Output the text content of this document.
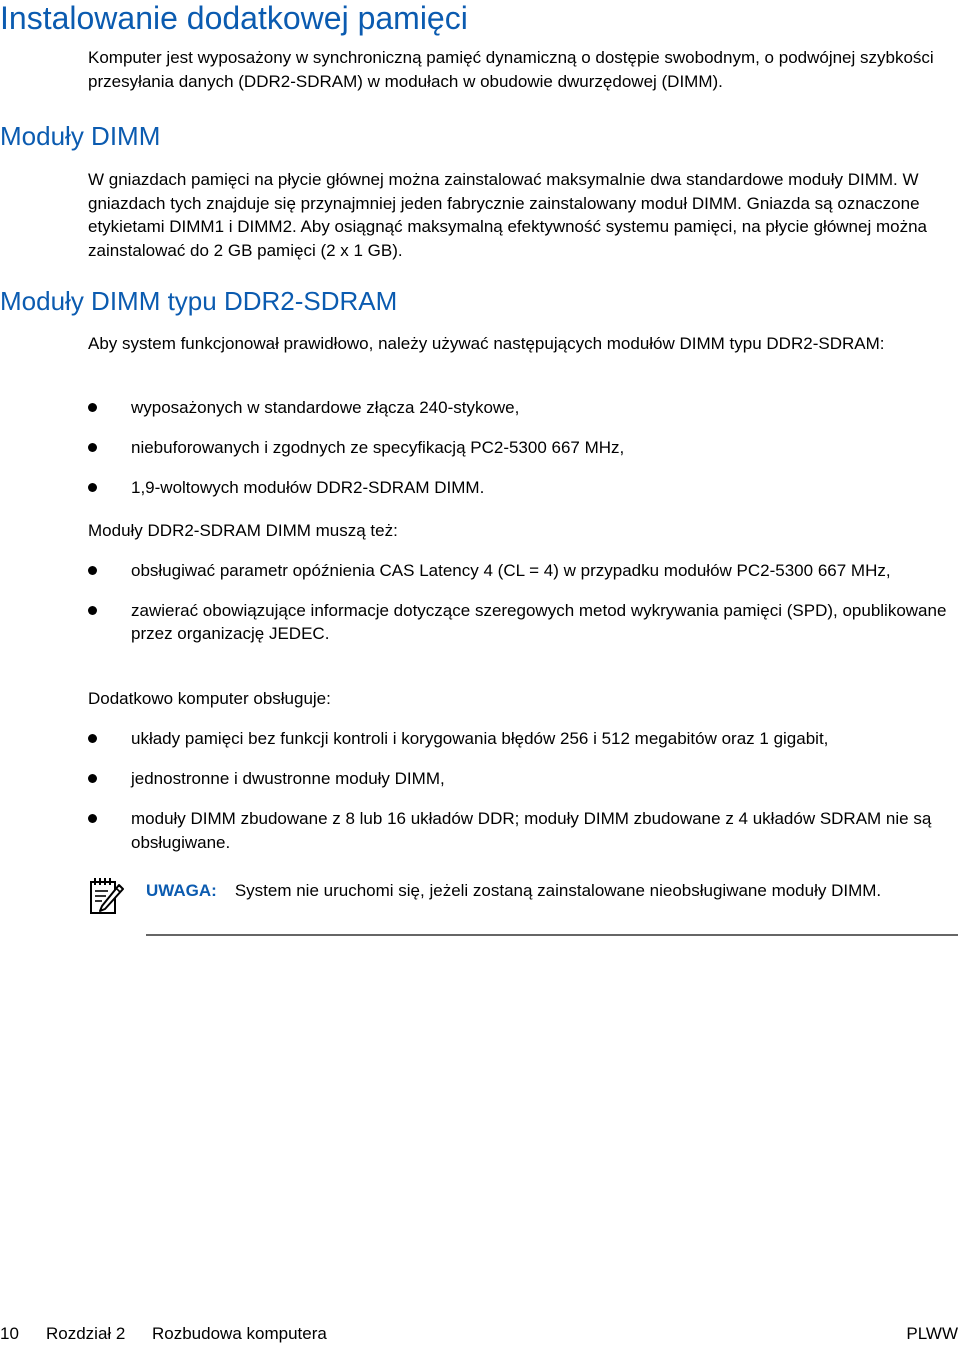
Instalowanie dodatkowej pamięci

Komputer jest wyposażony w synchroniczną pamięć dynamiczną o dostępie swobodnym, o podwójnej szybkości przesyłania danych (DDR2-SDRAM) w modułach w obudowie dwurzędowej (DIMM).

Moduły DIMM

W gniazdach pamięci na płycie głównej można zainstalować maksymalnie dwa standardowe moduły DIMM. W gniazdach tych znajduje się przynajmniej jeden fabrycznie zainstalowany moduł DIMM. Gniazda są oznaczone etykietami DIMM1 i DIMM2. Aby osiągnąć maksymalną efektywność systemu pamięci, na płycie głównej można zainstalować do 2 GB pamięci (2 x 1 GB).

Moduły DIMM typu DDR2-SDRAM

Aby system funkcjonował prawidłowo, należy używać następujących modułów DIMM typu DDR2-SDRAM:

wyposażonych w standardowe złącza 240-stykowe,
niebuforowanych i zgodnych ze specyfikacją PC2-5300 667 MHz,
1,9-woltowych modułów DDR2-SDRAM DIMM.

Moduły DDR2-SDRAM DIMM muszą też:

obsługiwać parametr opóźnienia CAS Latency 4 (CL = 4) w przypadku modułów PC2-5300 667 MHz,
zawierać obowiązujące informacje dotyczące szeregowych metod wykrywania pamięci (SPD), opublikowane przez organizację JEDEC.

Dodatkowo komputer obsługuje:

układy pamięci bez funkcji kontroli i korygowania błędów 256 i 512 megabitów oraz 1 gigabit,
jednostronne i dwustronne moduły DIMM,
moduły DIMM zbudowane z 8 lub 16 układów DDR; moduły DIMM zbudowane z 4 układów SDRAM nie są obsługiwane.
UWAGA: System nie uruchomi się, jeżeli zostaną zainstalowane nieobsługiwane moduły DIMM.
10 Rozdział 2 Rozbudowa komputera	PLWW
